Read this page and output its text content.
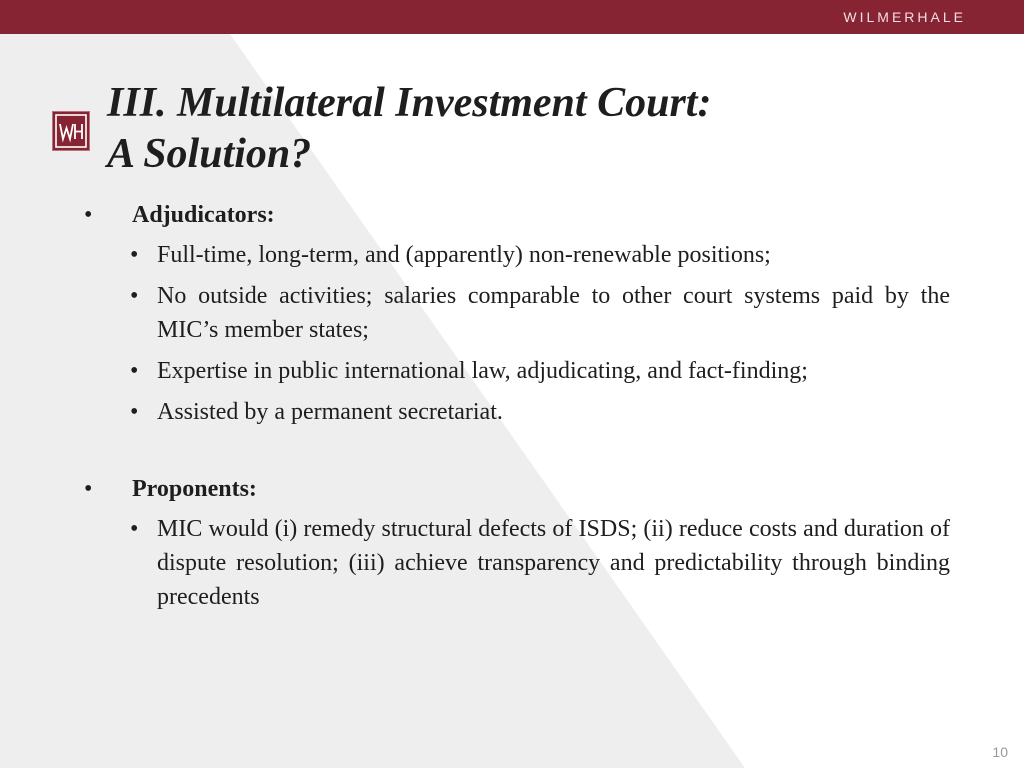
WILMERHALE
III. Multilateral Investment Court:
A Solution?
• Adjudicators:
• Full-time, long-term, and (apparently) non-renewable positions;
• No outside activities; salaries comparable to other court systems paid by the MIC’s member states;
• Expertise in public international law, adjudicating, and fact-finding;
• Assisted by a permanent secretariat.
• Proponents:
• MIC would (i) remedy structural defects of ISDS; (ii) reduce costs and duration of dispute resolution; (iii) achieve transparency and predictability through binding precedents
10
